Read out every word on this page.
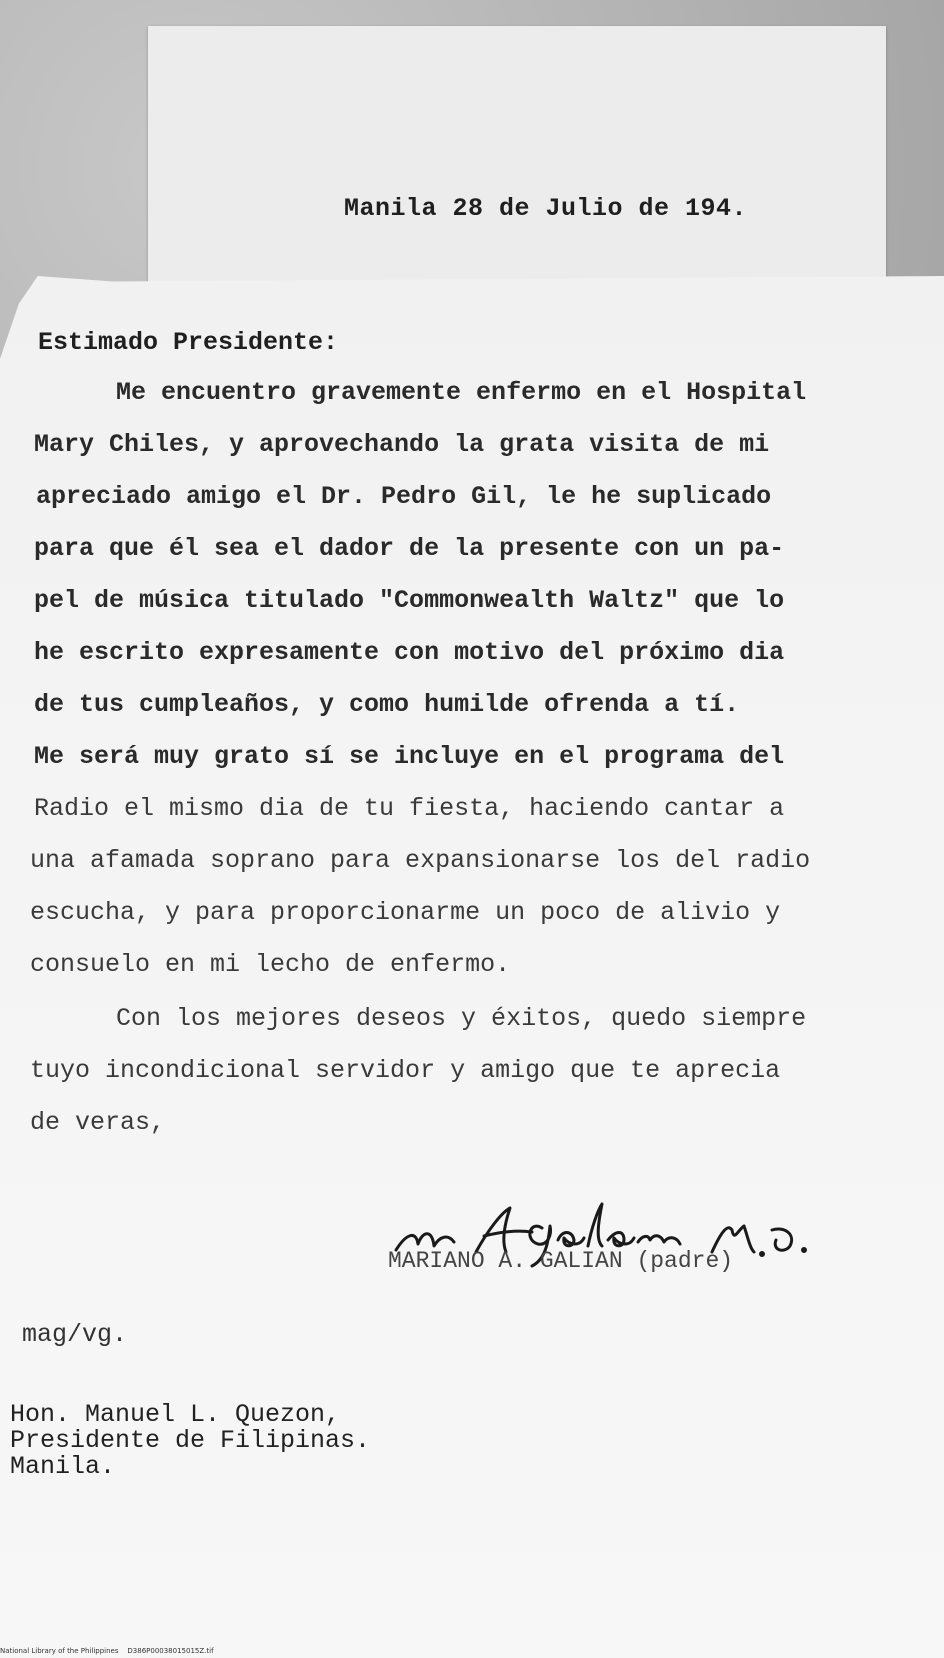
Manila 28 de Julio de 194.
Estimado Presidente:
Me encuentro gravemente enfermo en el Hospital
Mary Chiles, y aprovechando la grata visita de mi
apreciado amigo el Dr. Pedro Gil, le he suplicado
para que él sea el dador de la presente con un pa-
pel de música titulado "Commonwealth Waltz" que lo
he escrito expresamente con motivo del próximo dia
de tus cumpleaños, y como humilde ofrenda a tí.
Me será muy grato sí se incluye en el programa del
Radio el mismo dia de tu fiesta, haciendo cantar a
una afamada soprano para expansionarse los del radio
escucha, y para proporcionarme un poco de alivio y
consuelo en mi lecho de enfermo.
Con los mejores deseos y éxitos, quedo siempre
tuyo incondicional servidor y amigo que te aprecia
de veras,
MARIANO A. GALIAN (padre)
mag/vg.
Hon. Manuel L. Quezon,
Presidente de Filipinas.
Manila.
National Library of the Philippines    D386P00038015015Z.tif
